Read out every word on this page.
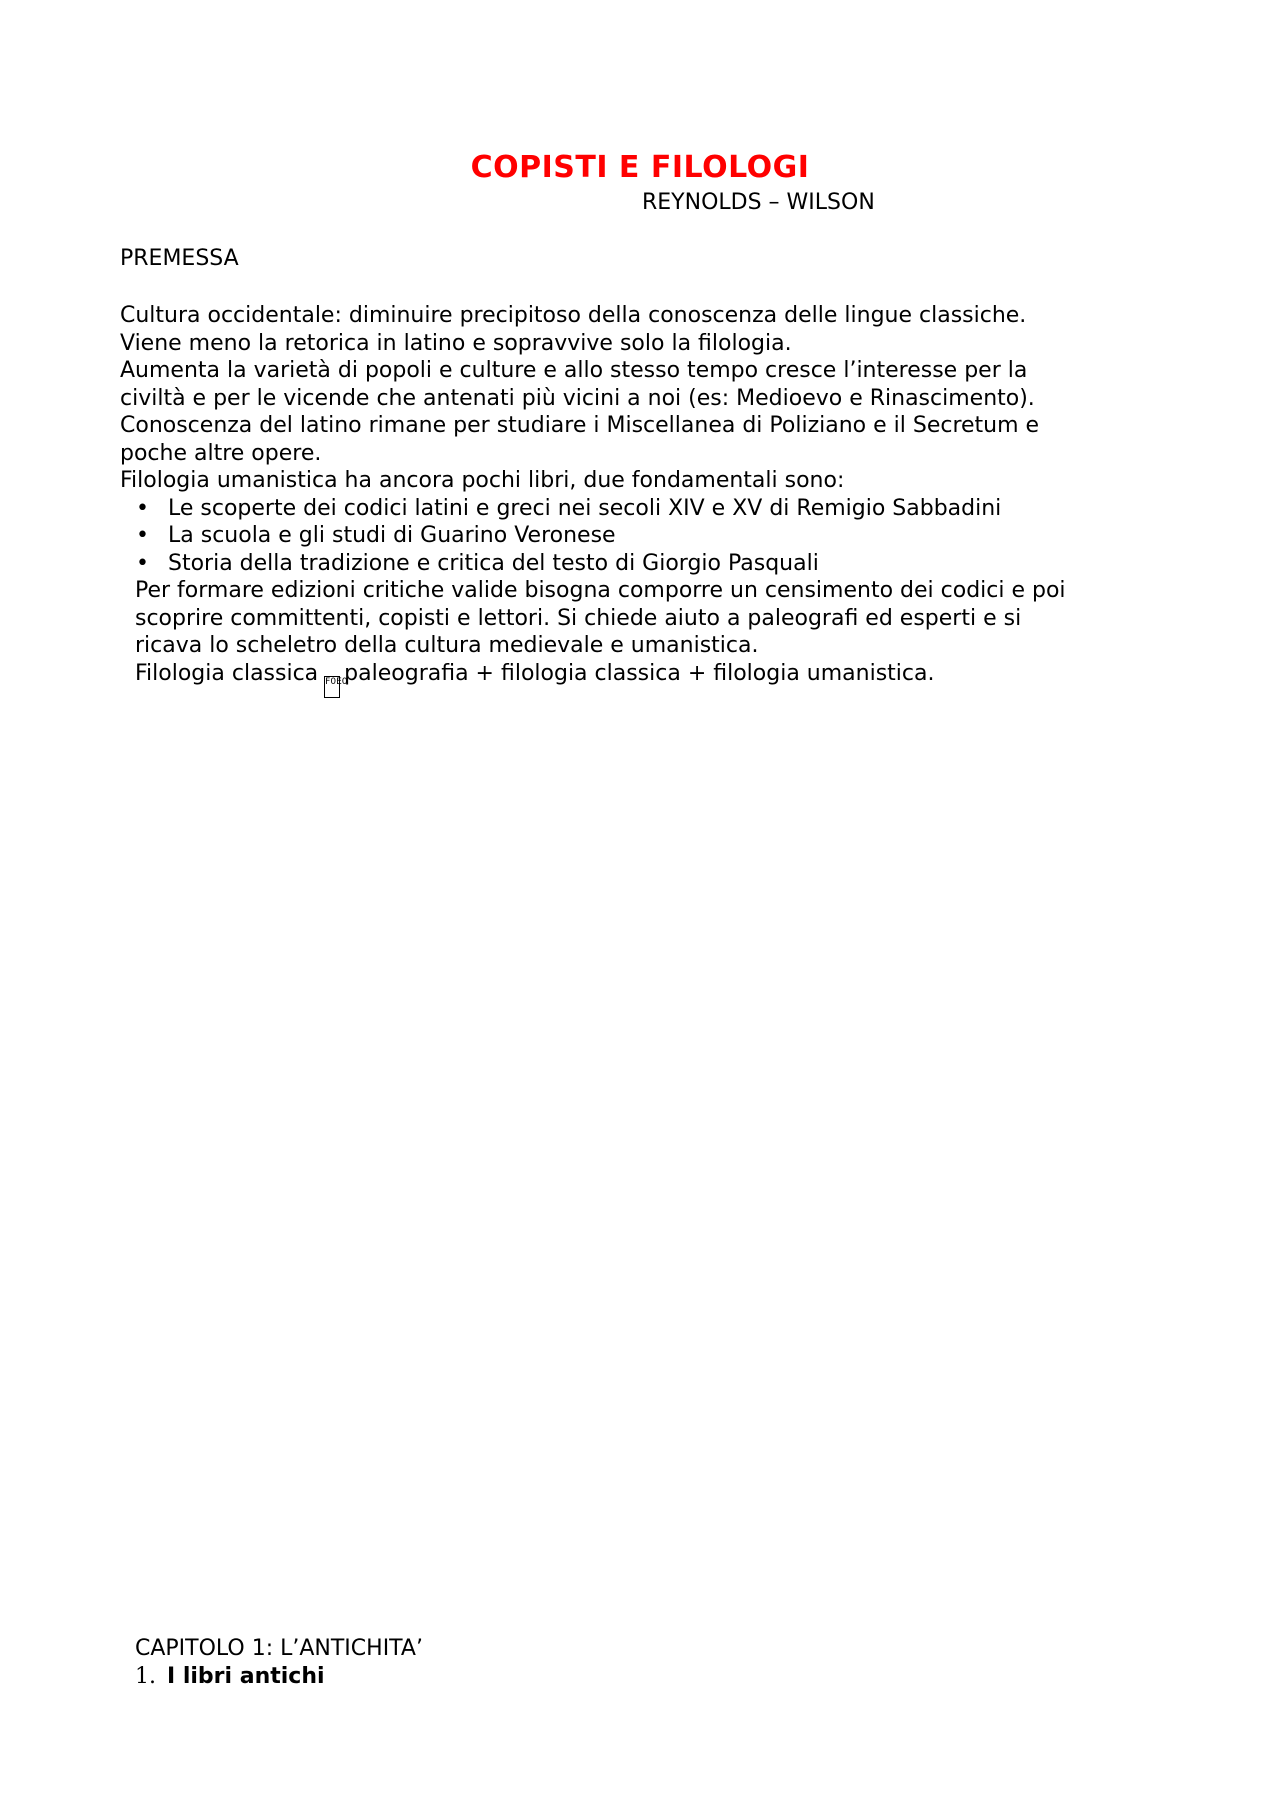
COPISTI E FILOLOGI
REYNOLDS – WILSON
PREMESSA

Cultura occidentale: diminuire precipitoso della conoscenza delle lingue classiche.

Viene meno la retorica in latino e sopravvive solo la filologia.

Aumenta la varietà di popoli e culture e allo stesso tempo cresce l’interesse per la

civiltà e per le vicende che antenati più vicini a noi (es: Medioevo e Rinascimento).

Conoscenza del latino rimane per studiare i Miscellanea di Poliziano e il Secretum e

poche altre opere.

Filologia umanistica ha ancora pochi libri, due fondamentali sono:

• Le scoperte dei codici latini e greci nei secoli XIV e XV di Remigio Sabbadini
• La scuola e gli studi di Guarino Veronese
• Storia della tradizione e critica del testo di Giorgio Pasquali

Per formare edizioni critiche valide bisogna comporre un censimento dei codici e poi

scoprire committenti, copisti e lettori. Si chiede aiuto a paleografi ed esperti e si

ricava lo scheletro della cultura medievale e umanistica.

Filologia classica F0E0paleografia + filologia classica + filologia umanistica.

CAPITOLO 1: L’ANTICHITA’
1. I libri antichi
